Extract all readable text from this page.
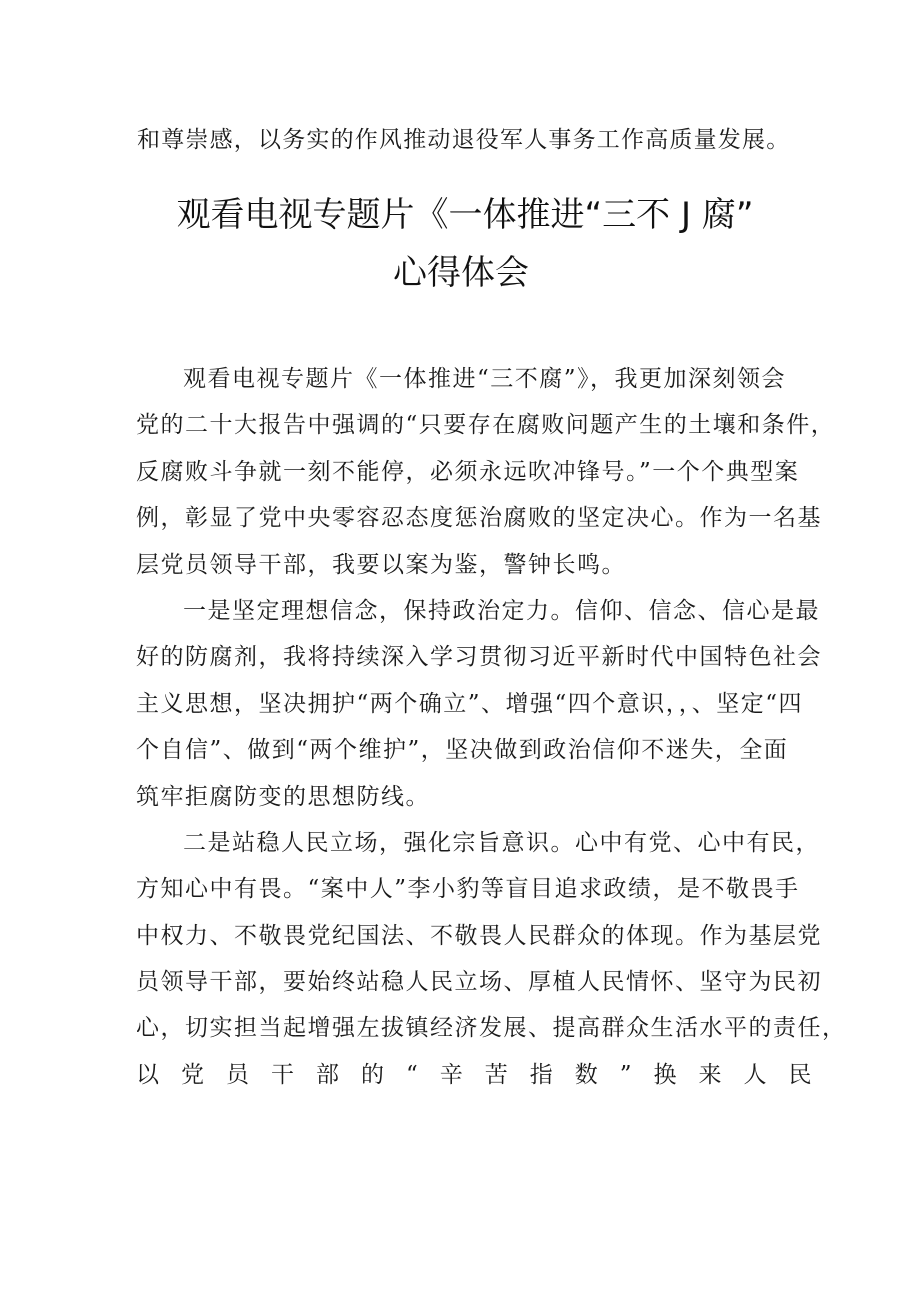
和尊崇感，以务实的作风推动退役军人事务工作高质量发展。
观看电视专题片《一体推进“三不 J 腐”
心得体会
观看电视专题片《一体推进“三不腐”》，我更加深刻领会
党的二十大报告中强调的“只要存在腐败问题产生的土壤和条件，
反腐败斗争就一刻不能停，必须永远吹冲锋号。”一个个典型案
例，彰显了党中央零容忍态度惩治腐败的坚定决心。作为一名基
层党员领导干部，我要以案为鉴，警钟长鸣。
一是坚定理想信念，保持政治定力。信仰、信念、信心是最
好的防腐剂，我将持续深入学习贯彻习近平新时代中国特色社会
主义思想，坚决拥护“两个确立”、增强“四个意识，，、坚定“四
个自信”、做到“两个维护”，坚决做到政治信仰不迷失，全面
筑牢拒腐防变的思想防线。
二是站稳人民立场，强化宗旨意识。心中有党、心中有民，
方知心中有畏。“案中人”李小豹等盲目追求政绩，是不敬畏手
中权力、不敬畏党纪国法、不敬畏人民群众的体现。作为基层党
员领导干部，要始终站稳人民立场、厚植人民情怀、坚守为民初
心，切实担当起增强左拔镇经济发展、提高群众生活水平的责任，
以党员干部的“辛苦指数”换来人民
